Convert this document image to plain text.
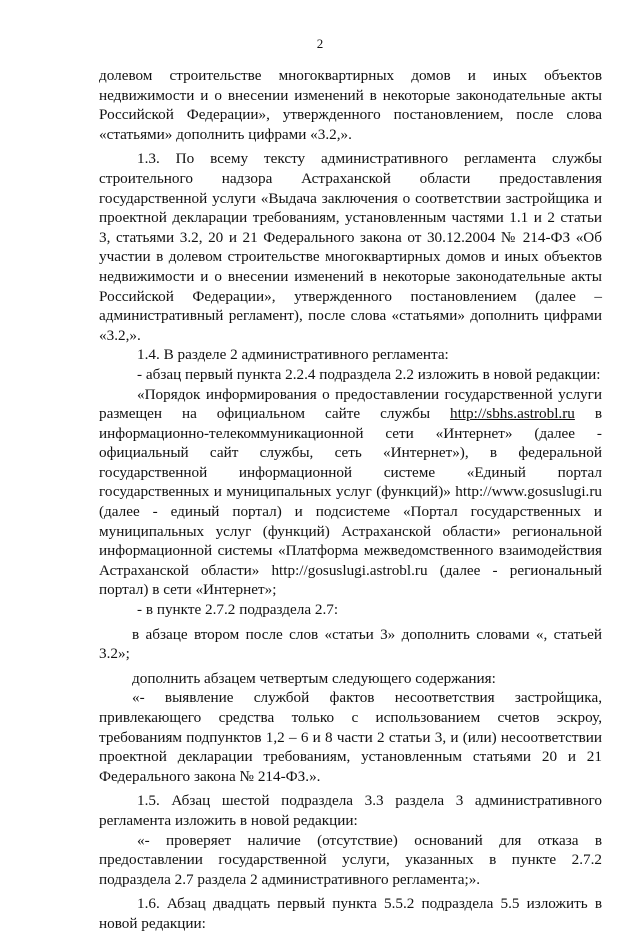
2

долевом строительстве многоквартирных домов и иных объектов недвижимости и о внесении изменений в некоторые законодательные акты Российской Федерации», утвержденного постановлением, после слова «статьями» дополнить цифрами «3.2,».

1.3. По всему тексту административного регламента службы строительного надзора Астраханской области предоставления государственной услуги «Выдача заключения о соответствии застройщика и проектной декларации требованиям, установленным частями 1.1 и 2 статьи 3, статьями 3.2, 20 и 21 Федерального закона от 30.12.2004 № 214-ФЗ «Об участии в долевом строительстве многоквартирных домов и иных объектов недвижимости и о внесении изменений в некоторые законодательные акты Российской Федерации», утвержденного постановлением (далее – административный регламент), после слова «статьями» дополнить цифрами «3.2,».

1.4. В разделе 2 административного регламента:

- абзац первый пункта 2.2.4 подраздела 2.2 изложить в новой редакции:

«Порядок информирования о предоставлении государственной услуги размещен на официальном сайте службы http://sbhs.astrobl.ru в информационно-телекоммуникационной сети «Интернет» (далее - официальный сайт службы, сеть «Интернет»), в федеральной государственной информационной системе «Единый портал государственных и муниципальных услуг (функций)» http://www.gosuslugi.ru (далее - единый портал) и подсистеме «Портал государственных и муниципальных услуг (функций) Астраханской области» региональной информационной системы «Платформа межведомственного взаимодействия Астраханской области» http://gosuslugi.astrobl.ru (далее - региональный портал) в сети «Интернет»;

- в пункте 2.7.2 подраздела 2.7:

в абзаце втором после слов «статьи 3» дополнить словами «, статьей 3.2»;

дополнить абзацем четвертым следующего содержания:

«- выявление службой фактов несоответствия застройщика, привлекающего средства только с использованием счетов эскроу, требованиям подпунктов 1,2 – 6 и 8 части 2 статьи 3, и (или) несоответствии проектной декларации требованиям, установленным статьями 20 и 21 Федерального закона № 214-ФЗ.».

1.5. Абзац шестой подраздела 3.3 раздела 3 административного регламента изложить в новой редакции:

«- проверяет наличие (отсутствие) оснований для отказа в предоставлении государственной услуги, указанных в пункте 2.7.2 подраздела 2.7 раздела 2 административного регламента;».

1.6. Абзац двадцать первый пункта 5.5.2 подраздела 5.5 изложить в новой редакции:
